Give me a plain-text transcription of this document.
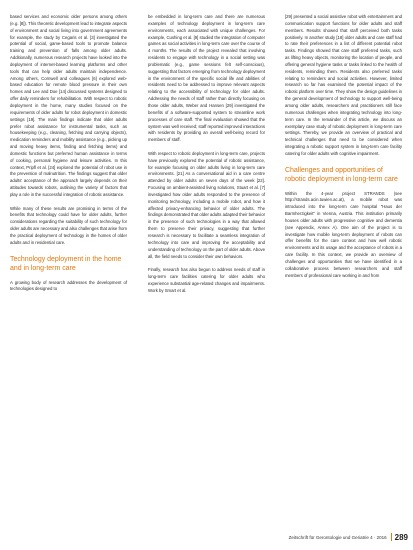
based services and economic older persons among others (e.g. [8]). This theoretic development lead to integrate aspects of environment and social living into government agreements for example, the study by Cegaris et al. [3] investigated the potential of social, game-based tools to promote balance training and prevention of falls among older adults. Additionally, numerous research projects have looked into the deployment of internet-based learning platforms and other tools that can help older adults maintain independence. Among others, Cornwell and colleagues [6] explored web-based education for remote blood pressure in their own homes and Lee and Doe [14] discussed systems designed to offer daily reminders for rehabilitation. With respect to robotic deployment in the home, many studies focused on the requirements of older adults for robot deployment in domestic settings [19]. The main findings indicate that older adults prefer robot assistance for instrumental tasks, such as housekeeping (e.g., cleaning, fetching and carrying objects), medication reminders and mobility assistance (e.g., picking up and moving heavy items, finding and fetching items) and domestic functions but preferred human assistance in terms of cooking, personal hygiene and leisure activities. In this context, Pripfl et al. [24] explored the potential of robot use in the prevention of malnutrition. The findings suggest that older adults' acceptance of the approach largely depends on their attitudes towards robots, outlining the variety of factors that play a role in the successful integration of robotic assistance.

While many of these results are promising in terms of the benefits that technology could have for older adults, further considerations regarding the suitability of such technology for older adults are necessary and also challenges that arise from the practical deployment of technology in the homes of older adults and in residential care.

Technology deployment in the home and in long-term care

A growing body of research addresses the development of technologies designed to

be embedded in long-term care and there are numerous examples of technology deployment in long-term care environments, each associated with unique challenges. For example, Cushing et al. [9] studied the integration of computer games as social activities in long-term care over the course of 4 months. The results of the project revealed that involving residents to engage with technology in a social setting was problematic (e.g., game sessions felt self-conscious), suggesting that factors emerging from technology deployment in the environment of the specific social life and abilities of residents need to be addressed to improve relevant aspects relating to the accessibility of technology for older adults. Addressing the needs of staff rather than directly focusing on those older adults, Weber and Hansen [29] investigated the benefits of a software-supported system to streamline work processes of care staff. The final evaluation showed that the system was well received; staff reported improved interactions with residents by providing an overall well-being record for members of staff.

With respect to robotic deployment in long-term care, projects have previously explored the potential of robotic assistance, for example focusing on older adults living in long-term care environments. [21] As a conversational aid in a care centre attended by older adults on seven days of the week [22]. Focusing on ambient-assisted living solutions, Stuart et al. [7] investigated how older adults responded to the presence of monitoring technology, including a mobile robot, and how it affected privacy-enhancing behavior of older adults. The findings demonstrated that older adults adapted their behavior in the presence of such technologies in a way that allowed them to preserve their privacy, suggesting that further research is necessary to facilitate a seamless integration of technology into care and improving the acceptability and understanding of technology on the part of older adults. Above all, the field needs to consider their own behaviors.

Finally, research has also begun to address needs of staff in long-term care facilities catering for older adults who experience substantial age-related changes and impairments. Work by Smart et al.

[29] presented a social assistive robot with entertainment and communication support functions for older adults and staff members. Results showed that staff perceived both tasks positively. In another study [18] older adults and care staff had to rate their preferences in a list of different potential robot tasks. Findings showed that care staff preferred tasks, such as lifting heavy objects, monitoring the location of people, and offering general hygiene tasks or tasks linked to the health of residents, reminding them. Residents also preferred tasks relating to reminders and social activities. However, limited research so far has examined the potential impact of the robotic platform over time. They show the design guidelines in the general development of technology to support well-being among older adults, researchers and practitioners still face numerous challenges when integrating technology into long-term care. In the remainder of this article, we discuss an exemplary case study of robotic deployment in long-term care settings. Thereby, we provide an overview of practical and technical challenges that need to be considered when integrating a robotic support system in long-term care facility catering for older adults with cognitive impairment.

Challenges and opportunities of robotic deployment in long-term care

Within the 4-year project STRANDS (see http://strands.acin.tuwien.ac.at), a mobile robot was introduced into the long-term care hospital "Haus der Barmherzigkeit" in Vienna, Austria. This institution primarily houses older adults with progressive cognitive and dementia (see Appendix, Annex A). One aim of the project is to investigate how mobile long-term deployment of robots can offer benefits for the care context and how well robotic environments and its usage and the acceptance of robots in a care facility. In this context, we provide an overview of challenges and opportunities that we have identified in a collaborative process between researchers and staff members of professional care working in and from

Zeitschrift für Gerontologie und Geriatrie 4 · 2016 289
